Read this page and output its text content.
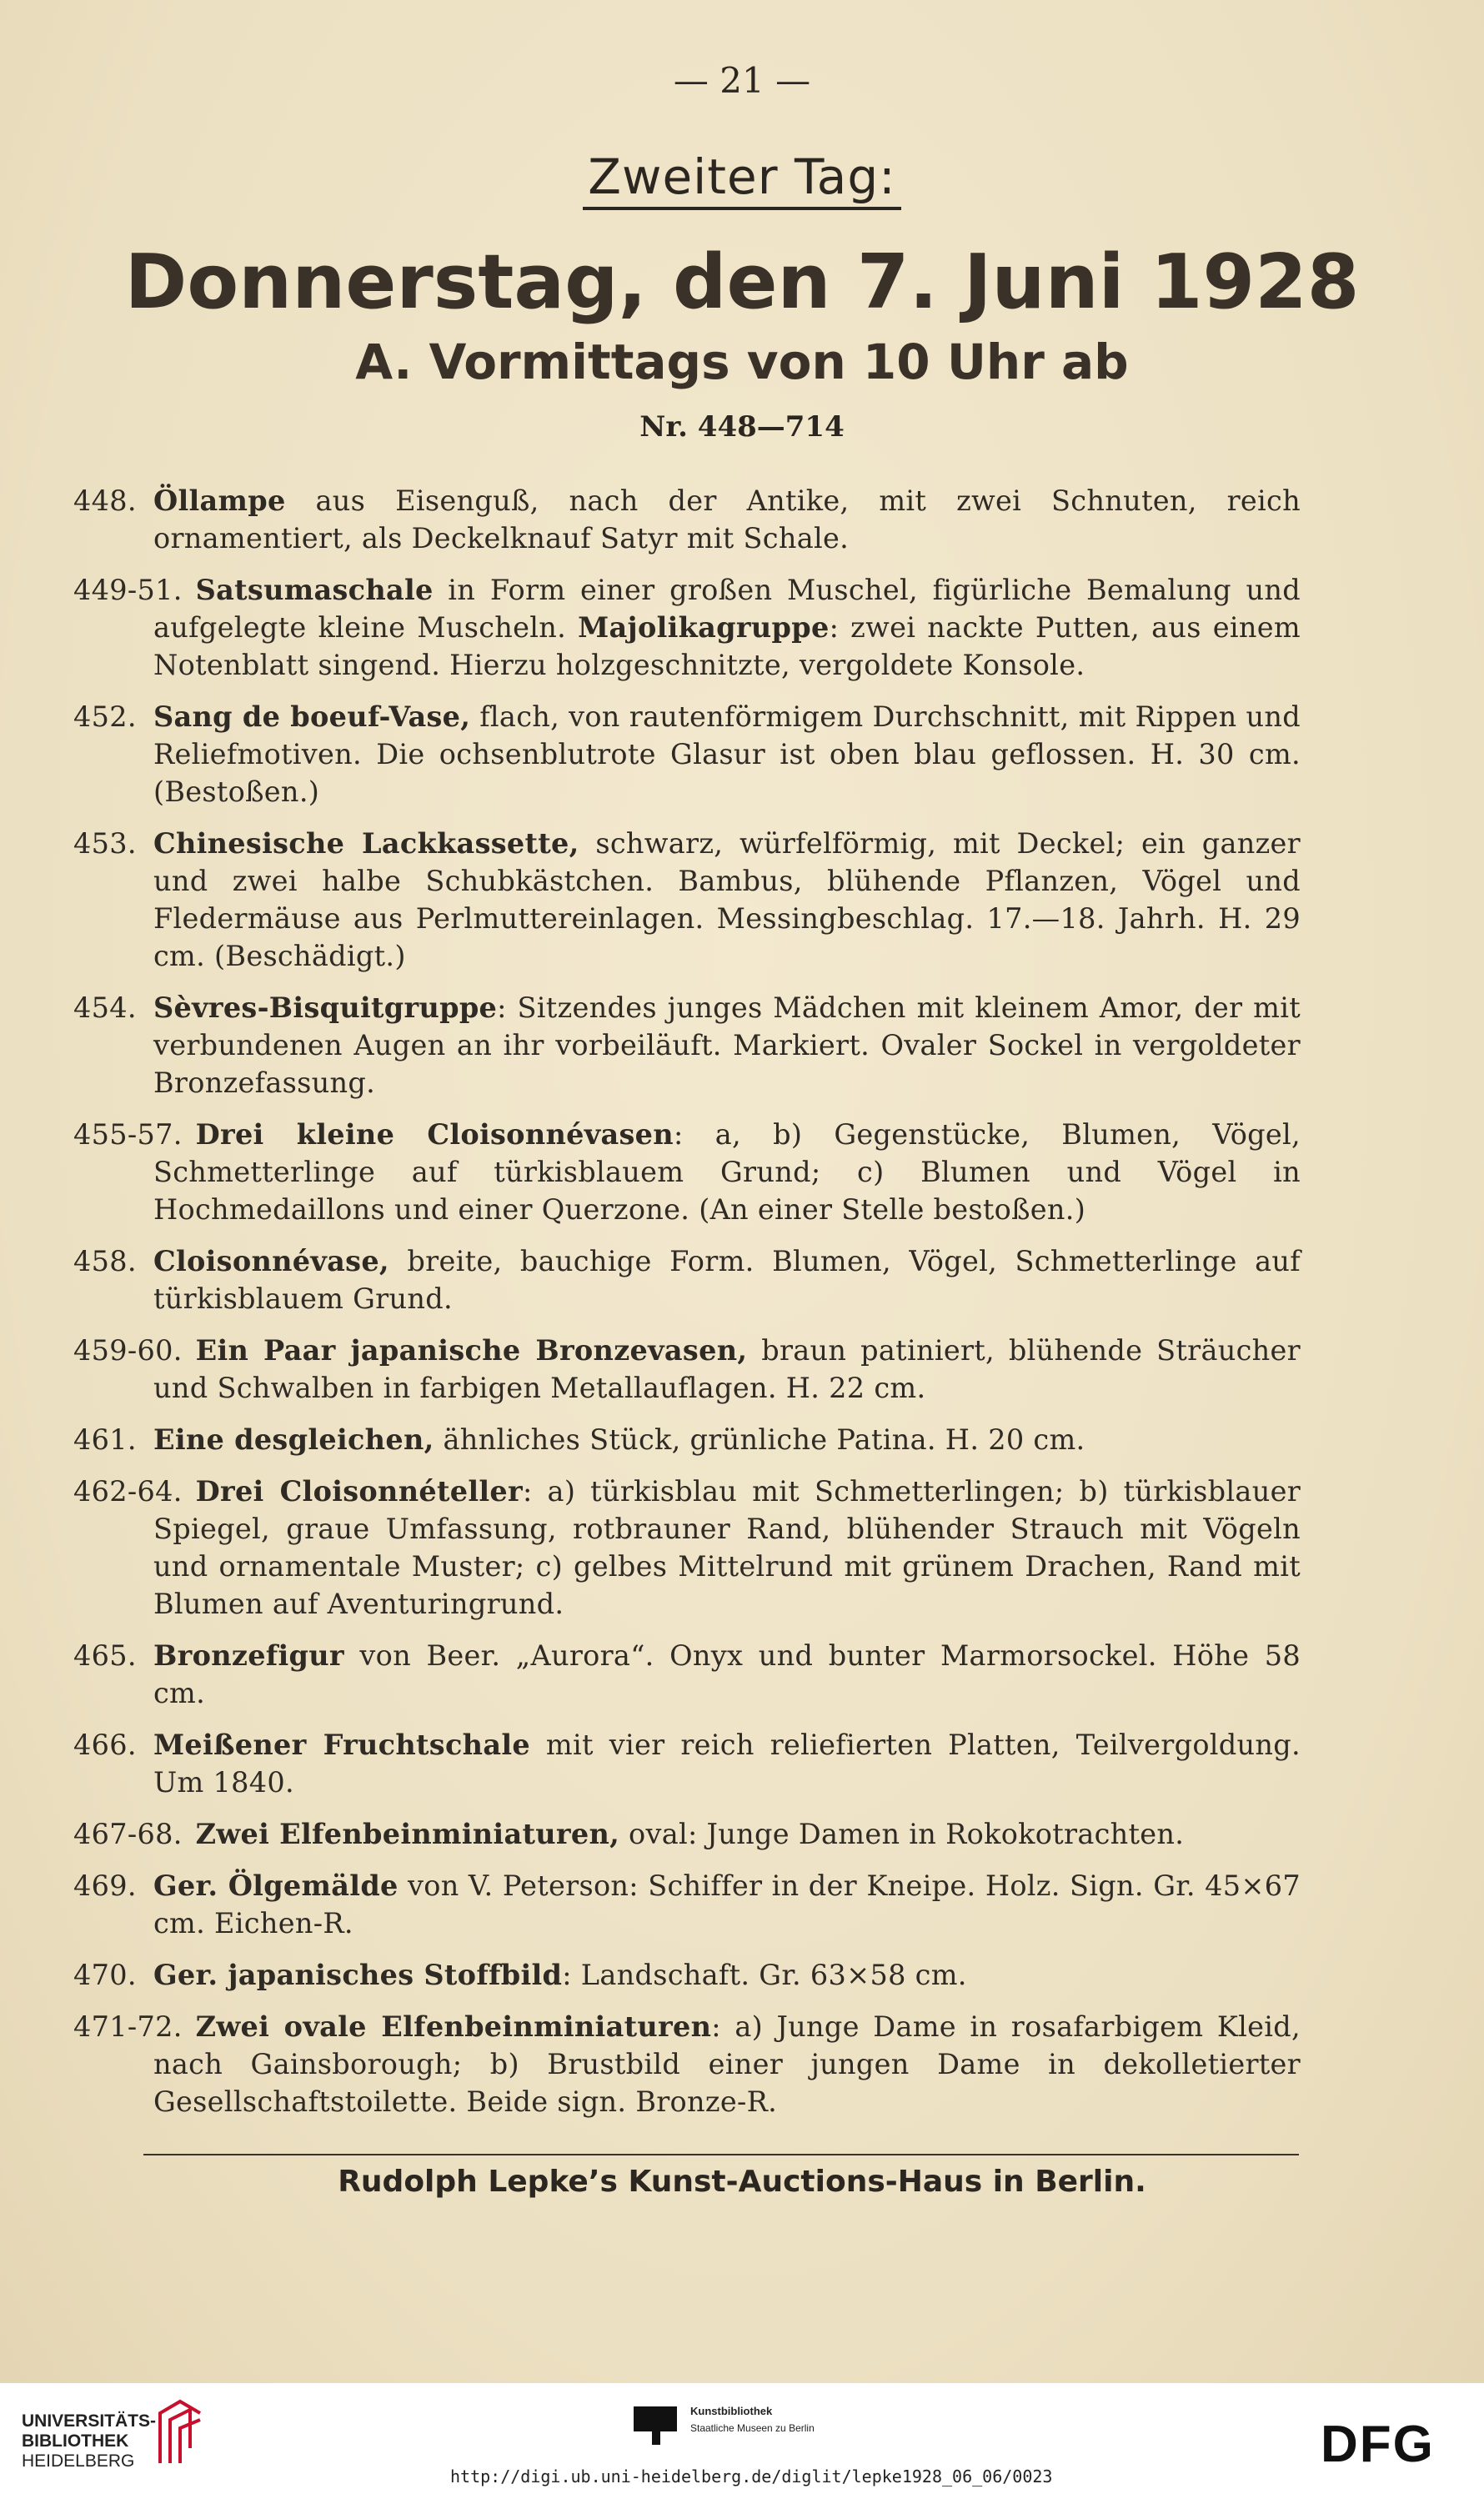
— 21 —
Zweiter Tag:
Donnerstag, den 7. Juni 1928
A. Vormittags von 10 Uhr ab
Nr. 448—714
448. Öllampe aus Eisenguß, nach der Antike, mit zwei Schnuten, reich ornamentiert, als Deckelknauf Satyr mit Schale.
449-51. Satsumaschale in Form einer großen Muschel, figürliche Bemalung und aufgelegte kleine Muscheln. Majolikagruppe: zwei nackte Putten, aus einem Notenblatt singend. Hierzu holzgeschnitzte, vergoldete Konsole.
452. Sang de boeuf-Vase, flach, von rautenförmigem Durchschnitt, mit Rippen und Reliefmotiven. Die ochsenblutrote Glasur ist oben blau geflossen. H. 30 cm. (Bestoßen.)
453. Chinesische Lackkassette, schwarz, würfelförmig, mit Deckel; ein ganzer und zwei halbe Schubkästchen. Bambus, blühende Pflanzen, Vögel und Fledermäuse aus Perlmuttereinlagen. Messingbeschlag. 17.—18. Jahrh. H. 29 cm. (Beschädigt.)
454. Sèvres-Bisquitgruppe: Sitzendes junges Mädchen mit kleinem Amor, der mit verbundenen Augen an ihr vorbeiläuft. Markiert. Ovaler Sockel in vergoldeter Bronzefassung.
455-57. Drei kleine Cloisonnévasen: a, b) Gegenstücke, Blumen, Vögel, Schmetterlinge auf türkisblauem Grund; c) Blumen und Vögel in Hochmedaillons und einer Querzone. (An einer Stelle bestoßen.)
458. Cloisonnévase, breite, bauchige Form. Blumen, Vögel, Schmetterlinge auf türkisblauem Grund.
459-60. Ein Paar japanische Bronzevasen, braun patiniert, blühende Sträucher und Schwalben in farbigen Metallauflagen. H. 22 cm.
461. Eine desgleichen, ähnliches Stück, grünliche Patina. H. 20 cm.
462-64. Drei Cloisonnételler: a) türkisblau mit Schmetterlingen; b) türkisblauer Spiegel, graue Umfassung, rotbrauner Rand, blühender Strauch mit Vögeln und ornamentale Muster; c) gelbes Mittelrund mit grünem Drachen, Rand mit Blumen auf Aventuringrund.
465. Bronzefigur von Beer. „Aurora“. Onyx und bunter Marmorsockel. Höhe 58 cm.
466. Meißener Fruchtschale mit vier reich reliefierten Platten, Teilvergoldung. Um 1840.
467-68. Zwei Elfenbeinminiaturen, oval: Junge Damen in Rokokotrachten.
469. Ger. Ölgemälde von V. Peterson: Schiffer in der Kneipe. Holz. Sign. Gr. 45×67 cm. Eichen-R.
470. Ger. japanisches Stoffbild: Landschaft. Gr. 63×58 cm.
471-72. Zwei ovale Elfenbeinminiaturen: a) Junge Dame in rosafarbigem Kleid, nach Gainsborough; b) Brustbild einer jungen Dame in dekolletierter Gesellschaftstoilette. Beide sign. Bronze-R.
Rudolph Lepke’s Kunst-Auctions-Haus in Berlin.
UNIVERSITÄTS-
BIBLIOTHEK
HEIDELBERG
Kunstbibliothek
Staatliche Museen zu Berlin	DFG
http://digi.ub.uni-heidelberg.de/diglit/lepke1928_06_06/0023
